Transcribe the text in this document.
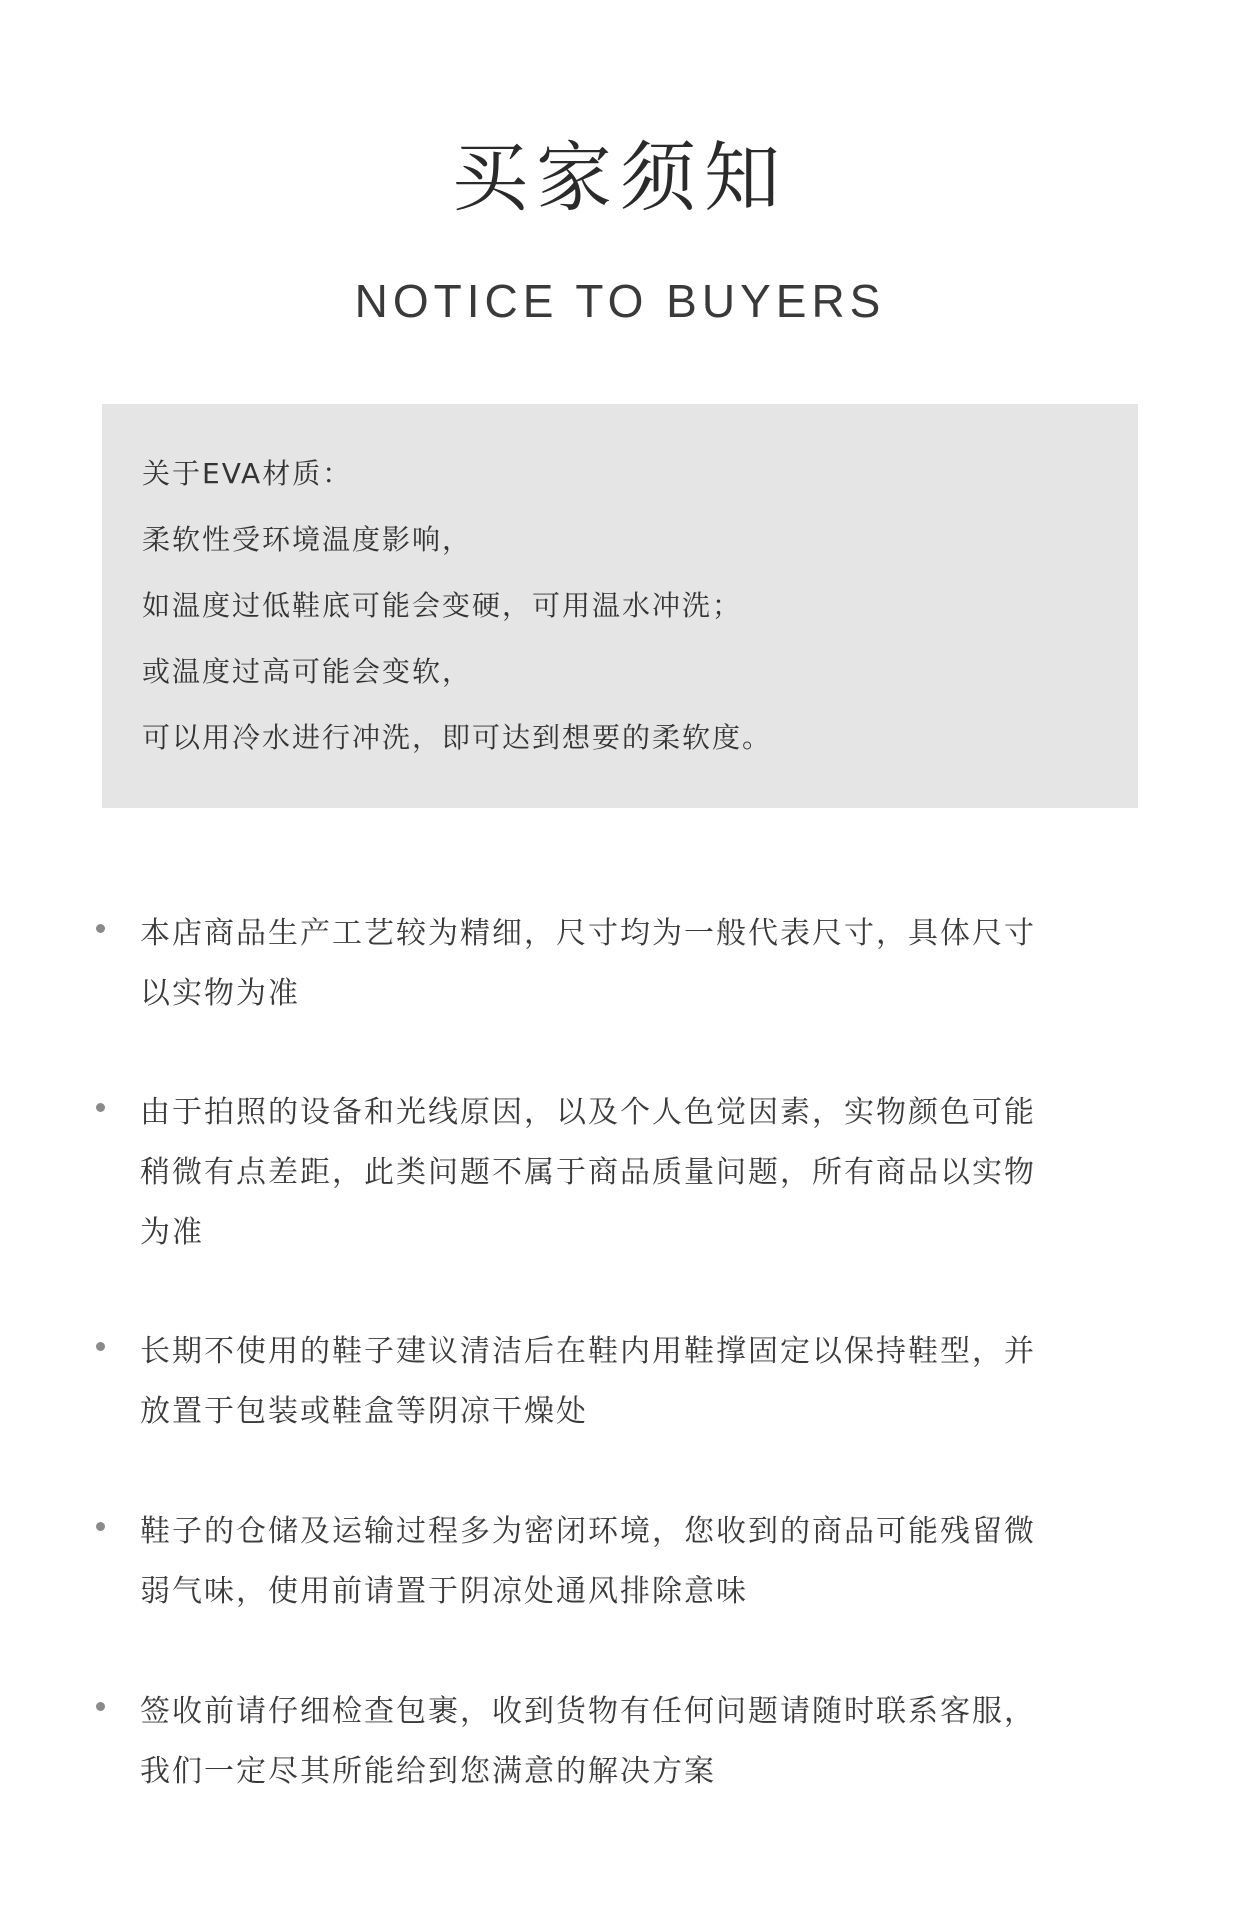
买家须知
NOTICE TO BUYERS
关于EVA材质：
柔软性受环境温度影响，
如温度过低鞋底可能会变硬，可用温水冲洗；
或温度过高可能会变软，
可以用冷水进行冲洗，即可达到想要的柔软度。
本店商品生产工艺较为精细，尺寸均为一般代表尺寸，具体尺寸
以实物为准
由于拍照的设备和光线原因，以及个人色觉因素，实物颜色可能
稍微有点差距，此类问题不属于商品质量问题，所有商品以实物
为准
长期不使用的鞋子建议清洁后在鞋内用鞋撑固定以保持鞋型，并
放置于包装或鞋盒等阴凉干燥处
鞋子的仓储及运输过程多为密闭环境，您收到的商品可能残留微
弱气味，使用前请置于阴凉处通风排除意味
签收前请仔细检查包裹，收到货物有任何问题请随时联系客服，
我们一定尽其所能给到您满意的解决方案
